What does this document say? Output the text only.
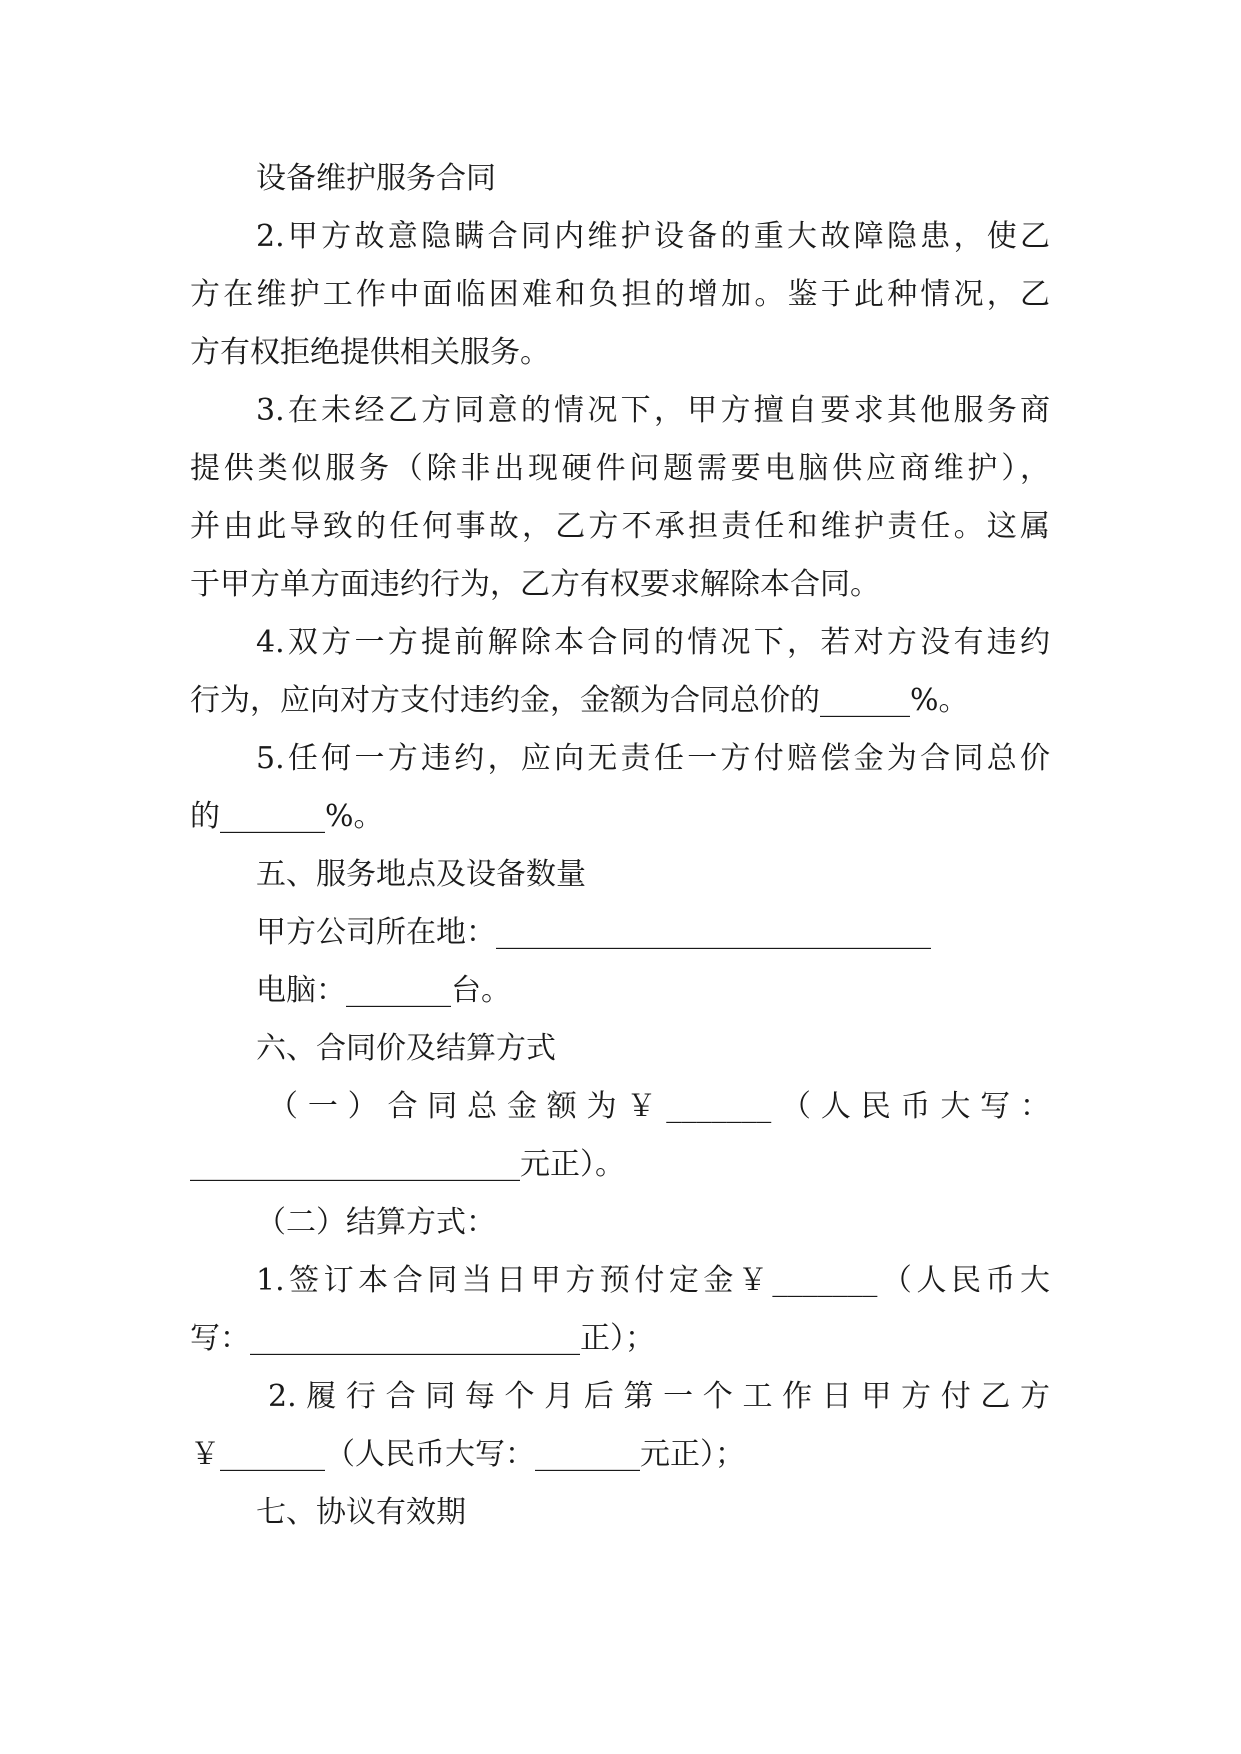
设备维护服务合同
2.甲方故意隐瞒合同内维护设备的重大故障隐患，使乙
方在维护工作中面临困难和负担的增加。鉴于此种情况，乙
方有权拒绝提供相关服务。
3.在未经乙方同意的情况下，甲方擅自要求其他服务商
提供类似服务（除非出现硬件问题需要电脑供应商维护），
并由此导致的任何事故，乙方不承担责任和维护责任。这属
于甲方单方面违约行为，乙方有权要求解除本合同。
4.双方一方提前解除本合同的情况下，若对方没有违约
行为，应向对方支付违约金，金额为合同总价的______%。
5.任何一方违约，应向无责任一方付赔偿金为合同总价
的_______%。
五、服务地点及设备数量
甲方公司所在地：_____________________________
电脑：_______台。
六、合同价及结算方式
（一）合同总金额为￥_______（人民币大写：
______________________元正）。
（二）结算方式：
1.签订本合同当日甲方预付定金￥_______（人民币大
写：______________________正）；
2.履行合同每个月后第一个工作日甲方付乙方
￥_______（人民币大写：_______元正）；
七、协议有效期
